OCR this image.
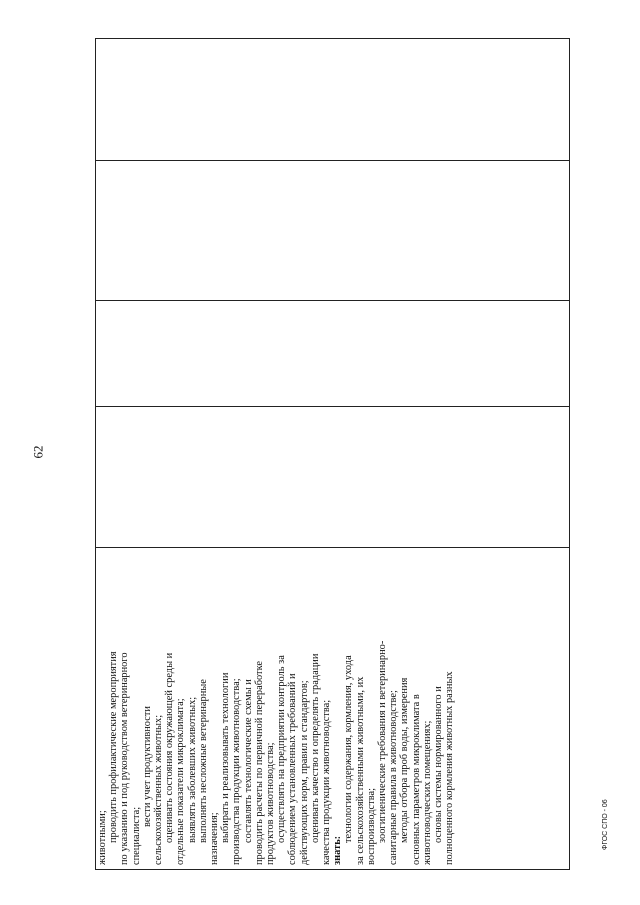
62
животными; проводить профилактические мероприятия по указанию и под руководством ветеринарного специалиста;
вести учет продуктивности сельскохозяйственных животных; оценивать состояния окружающей среды и отдельные показатели микроклимата; выявлять заболевших животных; выполнять несложные ветеринарные назначения; выбирать и реализовывать технологии производства продукции животноводства; составлять технологические схемы и проводить расчеты по первичной переработке продуктов животноводства; осуществлять на предприятии контроль за соблюдением установленных требований и действующих норм, правил и стандартов; оценивать качество и определять градации качества продукции животноводства; знать:
технологии содержания, кормления, ухода за сельскохозяйственными животными, их воспроизводства; зоогигиенические требования и ветеринарно- санитарные правила в животноводстве; методы отбора проб воды, измерения основных параметров микроклимата в животноводческих помещениях; основы системы нормированного и полноценного кормления животных разных	ФГОС СПО - 06
